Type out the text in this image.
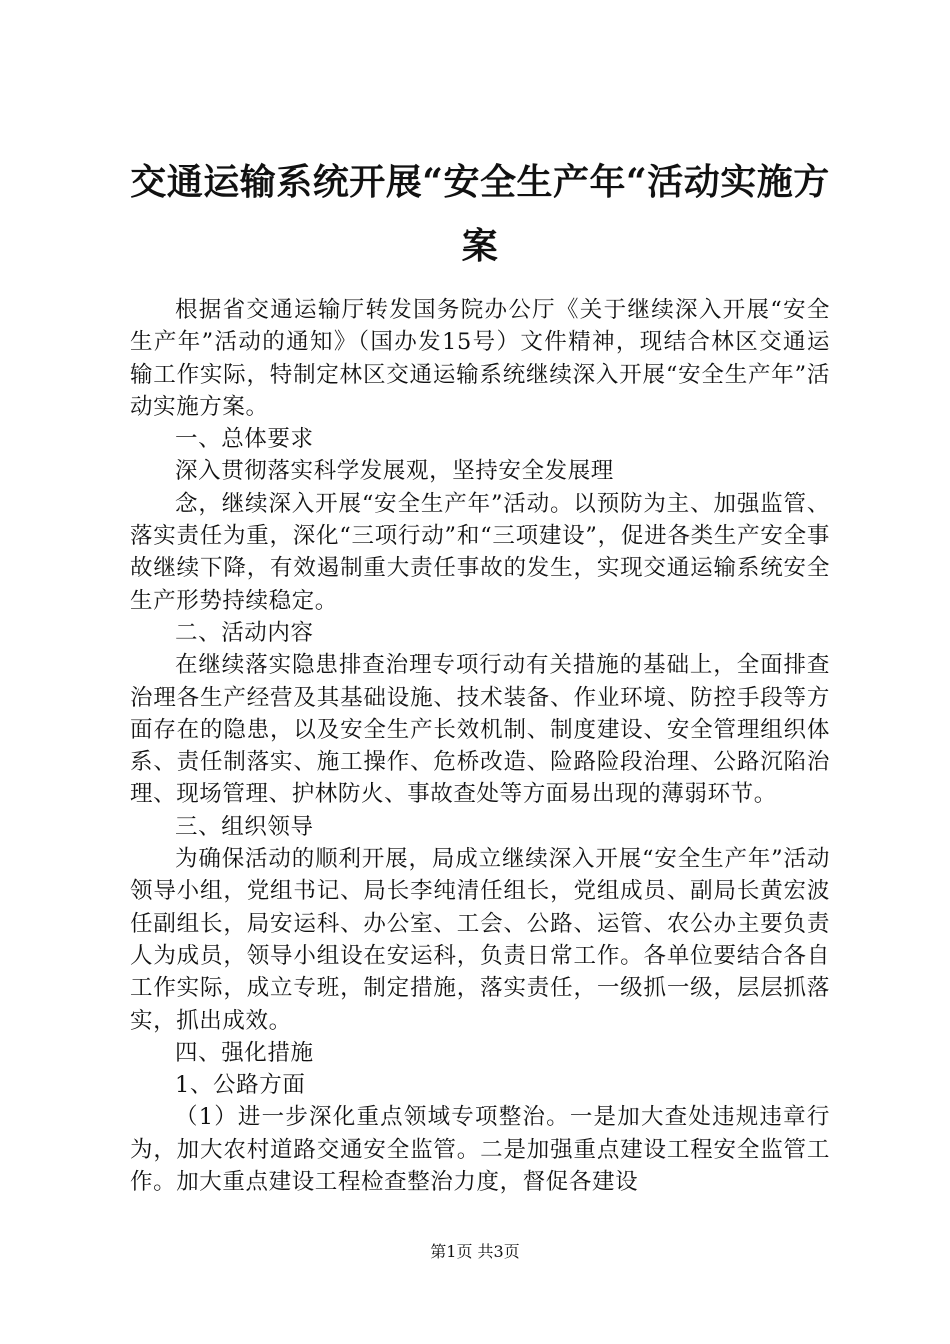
交通运输系统开展“安全生产年“活动实施方案

根据省交通运输厅转发国务院办公厅《关于继续深入开展“安全生产年”活动的通知》（国办发15号）文件精神，现结合林区交通运输工作实际，特制定林区交通运输系统继续深入开展“安全生产年”活动实施方案。

一、总体要求

深入贯彻落实科学发展观，坚持安全发展理

念，继续深入开展“安全生产年”活动。以预防为主、加强监管、落实责任为重，深化“三项行动”和“三项建设”，促进各类生产安全事故继续下降，有效遏制重大责任事故的发生，实现交通运输系统安全生产形势持续稳定。

二、活动内容

在继续落实隐患排查治理专项行动有关措施的基础上，全面排查治理各生产经营及其基础设施、技术装备、作业环境、防控手段等方面存在的隐患，以及安全生产长效机制、制度建设、安全管理组织体系、责任制落实、施工操作、危桥改造、险路险段治理、公路沉陷治理、现场管理、护林防火、事故查处等方面易出现的薄弱环节。

三、组织领导

为确保活动的顺利开展，局成立继续深入开展“安全生产年”活动领导小组，党组书记、局长李纯清任组长，党组成员、副局长黄宏波任副组长，局安运科、办公室、工会、公路、运管、农公办主要负责人为成员，领导小组设在安运科，负责日常工作。各单位要结合各自工作实际，成立专班，制定措施，落实责任，一级抓一级，层层抓落实，抓出成效。

四、强化措施

1、公路方面

（1）进一步深化重点领域专项整治。一是加大查处违规违章行为，加大农村道路交通安全监管。二是加强重点建设工程安全监管工作。加大重点建设工程检查整治力度，督促各建设

第1页 共3页
